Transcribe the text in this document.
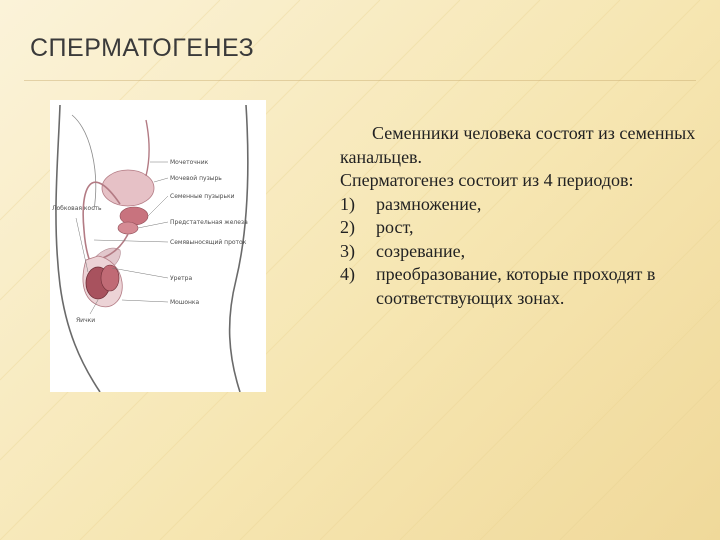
СПЕРМАТОГЕНЕЗ
Мочеточник
Мочевой пузырь
Семенные пузырьки
Предстательная железа
Семявыносящий проток
Уретра
Мошонка
Лобковая кость
Яички

Семенники человека состоят из семенных канальцев.

Сперматогенез состоит из 4 периодов:

1) размножение,
2) рост,
3) созревание,
4) преобразование, которые проходят в соответствующих зонах.
